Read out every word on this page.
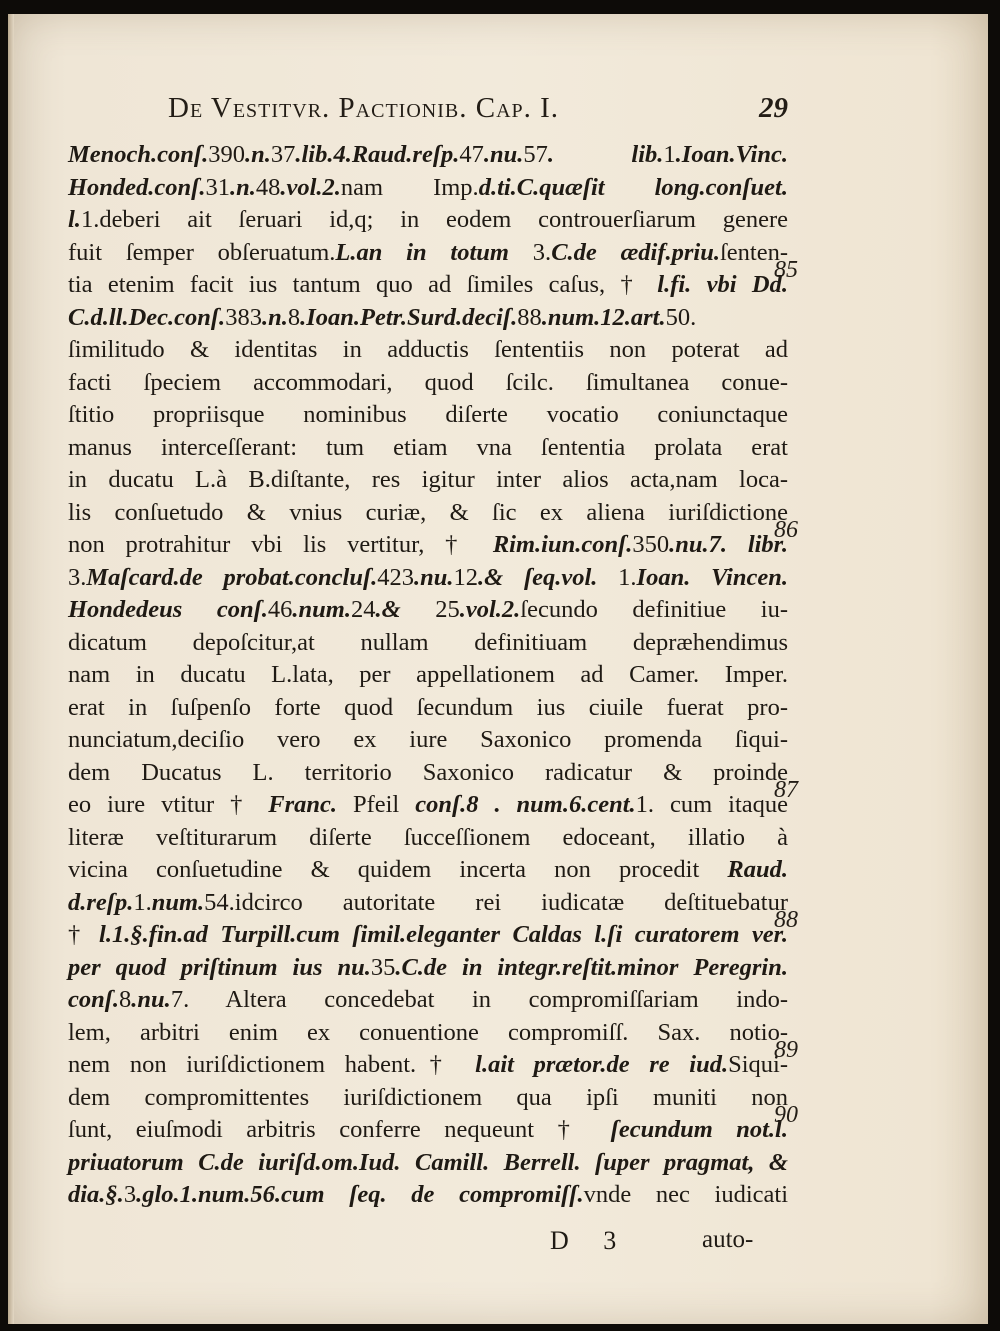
De Vestitvr. Pactionib. Cap. I.	29
Menoch.conſ.390.n.37.lib.4.Raud.reſp.47.nu.57. lib.1.Ioan.Vinc.
Honded.conſ.31.n.48.vol.2.nam Imp.d.ti.C.quæſit long.conſuet.
l.1.deberi ait ſeruari id,q; in eodem controuerſiarum genere
fuit ſemper obſeruatum.L.an in totum 3.C.de ædif.priu.ſenten-
tia etenim facit ius tantum quo ad ſimiles caſus, † l.fi. vbi Dd.
C.d.ll.Dec.conſ.383.n.8.Ioan.Petr.Surd.deciſ.88.num.12.art.50.
ſimilitudo & identitas in adductis ſententiis non poterat ad
facti ſpeciem accommodari, quod ſcilc. ſimultanea conue-
ſtitio propriisque nominibus diſerte vocatio coniunctaque
manus interceſſerant: tum etiam vna ſententia prolata erat
in ducatu L.à B.diſtante, res igitur inter alios acta,nam loca-
lis conſuetudo & vnius curiæ, & ſic ex aliena iuriſdictione
non protrahitur vbi lis vertitur, † Rim.iun.conſ.350.nu.7. libr.
3.Maſcard.de probat.concluſ.423.nu.12.& ſeq.vol. 1.Ioan. Vincen.
Hondedeus conſ.46.num.24.& 25.vol.2.ſecundo definitiue iu-
dicatum depoſcitur,at nullam definitiuam depræhendimus
nam in ducatu L.lata, per appellationem ad Camer. Imper.
erat in ſuſpenſo forte quod ſecundum ius ciuile fuerat pro-
nunciatum,deciſio vero ex iure Saxonico promenda ſiqui-
dem Ducatus L. territorio Saxonico radicatur & proinde
eo iure vtitur † Franc. Pfeil conſ.8 . num.6.cent.1. cum itaque
literæ veſtiturarum diſerte ſucceſſionem edoceant, illatio à
vicina conſuetudine & quidem incerta non procedit Raud.
d.reſp.1.num.54.idcirco autoritate rei iudicatæ deſtituebatur
† l.1.§.fin.ad Turpill.cum ſimil.eleganter Caldas l.ſi curatorem ver.
per quod priſtinum ius nu.35.C.de in integr.reſtit.minor Peregrin.
conſ.8.nu.7. Altera concedebat in compromiſſariam indo-
lem, arbitri enim ex conuentione compromiſſ. Sax. notio-
nem non iuriſdictionem habent.† l.ait prætor.de re iud.Siqui-
dem compromittentes iuriſdictionem qua ipſi muniti non
ſunt, eiuſmodi arbitris conferre nequeunt † ſecundum not.l.
priuatorum C.de iuriſd.om.Iud. Camill. Berrell. ſuper pragmat, &
dia.§.3.glo.1.num.56.cum ſeq. de compromiſſ.vnde nec iudicati
85
86
87
88
89
90
D 3	auto-
